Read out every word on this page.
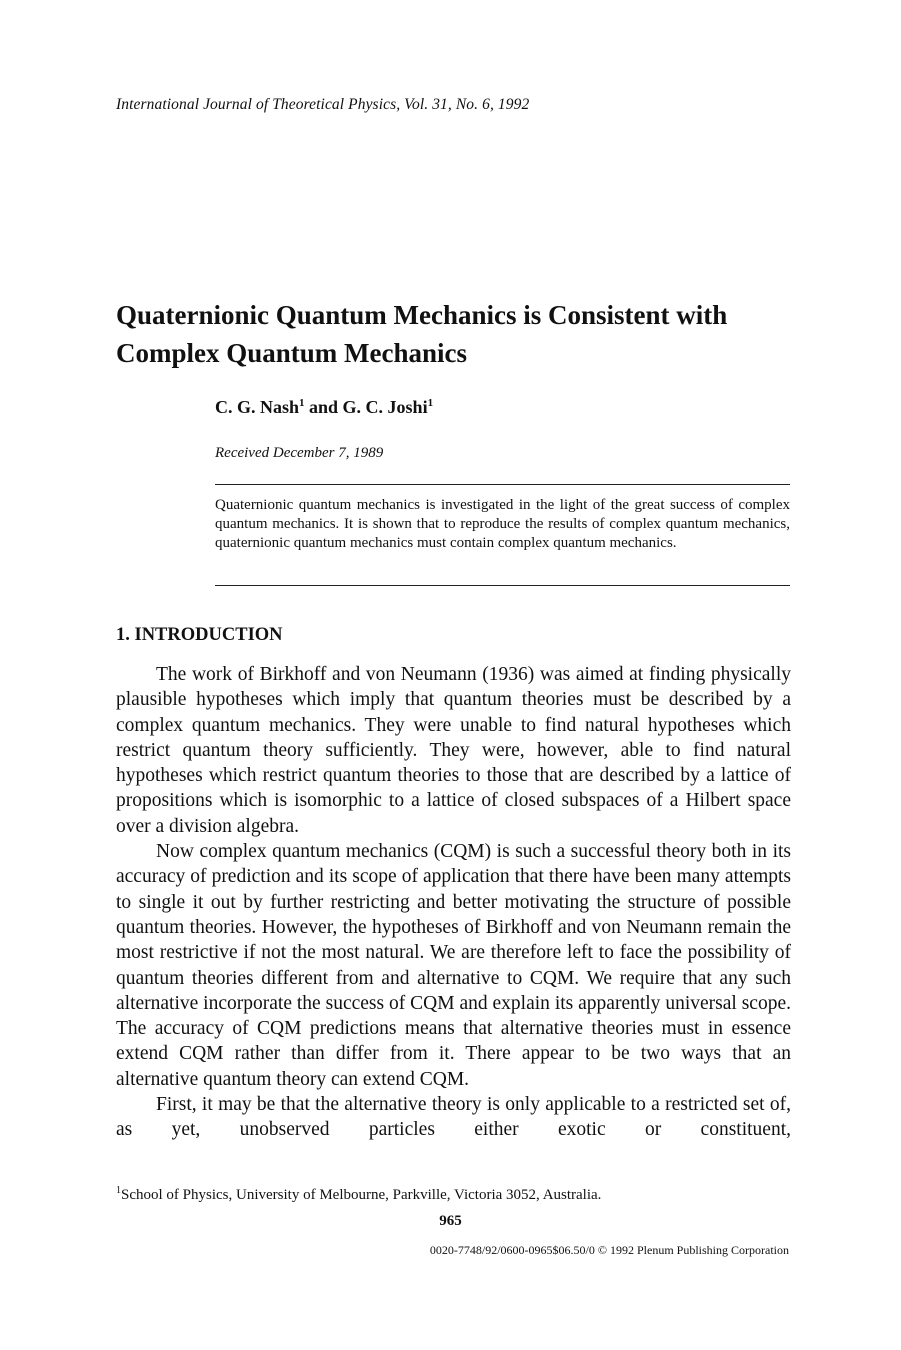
International Journal of Theoretical Physics, Vol. 31, No. 6, 1992
Quaternionic Quantum Mechanics is Consistent with
Complex Quantum Mechanics
C. G. Nash$^1$ and G. C. Joshi$^1$
Received December 7, 1989

Quaternionic quantum mechanics is investigated in the light of the great success of complex quantum mechanics. It is shown that to reproduce the results of complex quantum mechanics, quaternionic quantum mechanics must contain complex quantum mechanics.

1. INTRODUCTION

The work of Birkhoff and von Neumann (1936) was aimed at finding physically plausible hypotheses which imply that quantum theories must be described by a complex quantum mechanics. They were unable to find natural hypotheses which restrict quantum theory sufficiently. They were, however, able to find natural hypotheses which restrict quantum theories to those that are described by a lattice of propositions which is isomorphic to a lattice of closed subspaces of a Hilbert space over a division algebra.

Now complex quantum mechanics (CQM) is such a successful theory both in its accuracy of prediction and its scope of application that there have been many attempts to single it out by further restricting and better motivating the structure of possible quantum theories. However, the hypotheses of Birkhoff and von Neumann remain the most restrictive if not the most natural. We are therefore left to face the possibility of quantum theories different from and alternative to CQM. We require that any such alternative incorporate the success of CQM and explain its apparently universal scope. The accuracy of CQM predictions means that alternative theories must in essence extend CQM rather than differ from it. There appear to be two ways that an alternative quantum theory can extend CQM.

First, it may be that the alternative theory is only applicable to a restricted set of, as yet, unobserved particles either exotic or constituent,

$^1$School of Physics, University of Melbourne, Parkville, Victoria 3052, Australia.
965
0020-7748/92/0600-0965$06.50/0 © 1992 Plenum Publishing Corporation
